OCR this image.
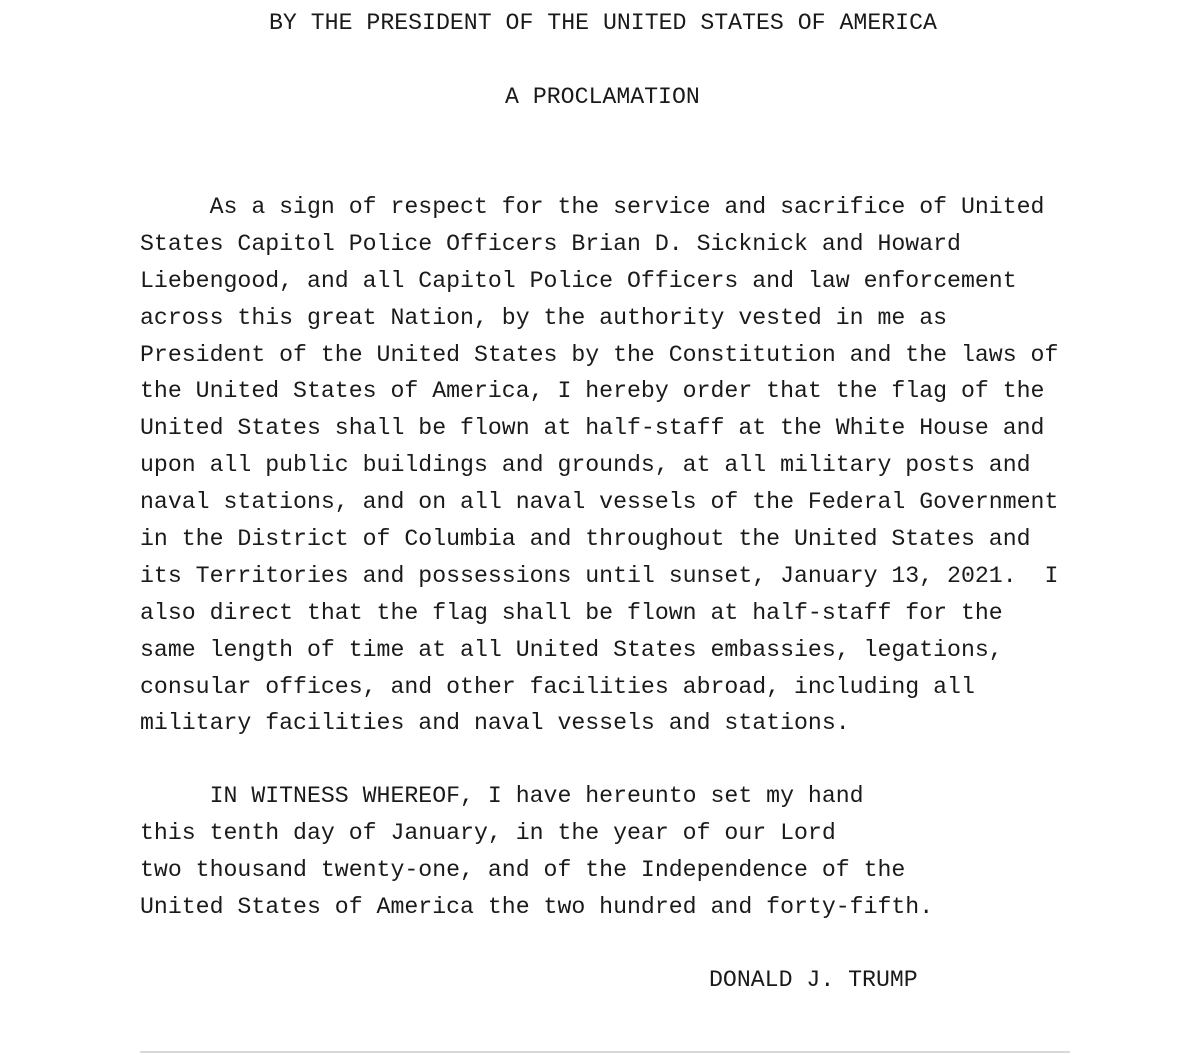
BY THE PRESIDENT OF THE UNITED STATES OF AMERICA
A PROCLAMATION
As a sign of respect for the service and sacrifice of United
States Capitol Police Officers Brian D. Sicknick and Howard
Liebengood, and all Capitol Police Officers and law enforcement
across this great Nation, by the authority vested in me as
President of the United States by the Constitution and the laws of
the United States of America, I hereby order that the flag of the
United States shall be flown at half-staff at the White House and
upon all public buildings and grounds, at all military posts and
naval stations, and on all naval vessels of the Federal Government
in the District of Columbia and throughout the United States and
its Territories and possessions until sunset, January 13, 2021.  I
also direct that the flag shall be flown at half-staff for the
same length of time at all United States embassies, legations,
consular offices, and other facilities abroad, including all
military facilities and naval vessels and stations.
IN WITNESS WHEREOF, I have hereunto set my hand
this tenth day of January, in the year of our Lord
two thousand twenty-one, and of the Independence of the
United States of America the two hundred and forty-fifth.
DONALD J. TRUMP
